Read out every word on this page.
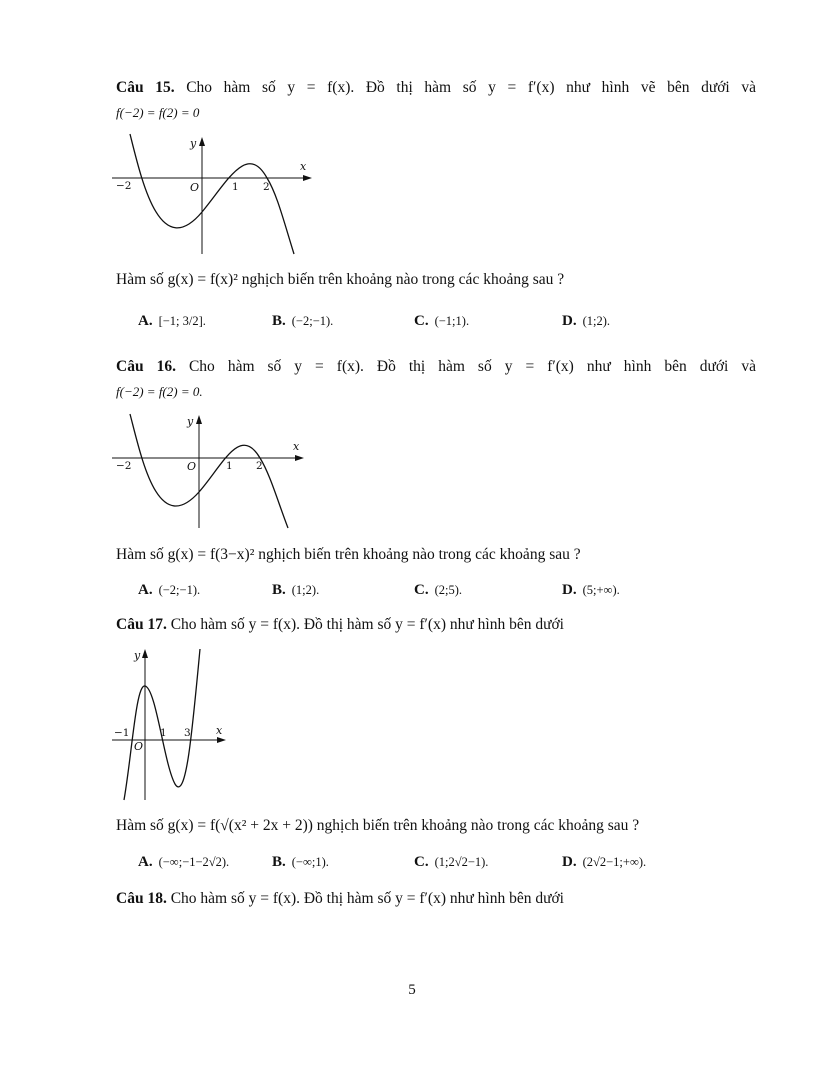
Câu 15. Cho hàm số y = f(x). Đồ thị hàm số y = f′(x) như hình vẽ bên dưới và
f(−2) = f(2) = 0
y
x
O
−2	1 2
Hàm số g(x) = f(x)² nghịch biến trên khoảng nào trong các khoảng sau ?
A. [−1; 3/2].	B. (−2;−1).	C. (−1;1).	D. (1;2).
Câu 16. Cho hàm số y = f(x). Đồ thị hàm số y = f′(x) như hình bên dưới và
f(−2) = f(2) = 0.
y
x
O
−2	1 2
Hàm số g(x) = f(3−x)² nghịch biến trên khoảng nào trong các khoảng sau ?
A. (−2;−1).	B. (1;2).	C. (2;5).	D. (5;+∞).
Câu 17. Cho hàm số y = f(x). Đồ thị hàm số y = f′(x) như hình bên dưới
y
x
O
−1	1 3
Hàm số g(x) = f(√(x² + 2x + 2)) nghịch biến trên khoảng nào trong các khoảng sau ?
A. (−∞;−1−2√2).	B. (−∞;1).	C. (1;2√2−1).	D. (2√2−1;+∞).
Câu 18. Cho hàm số y = f(x). Đồ thị hàm số y = f′(x) như hình bên dưới
5
